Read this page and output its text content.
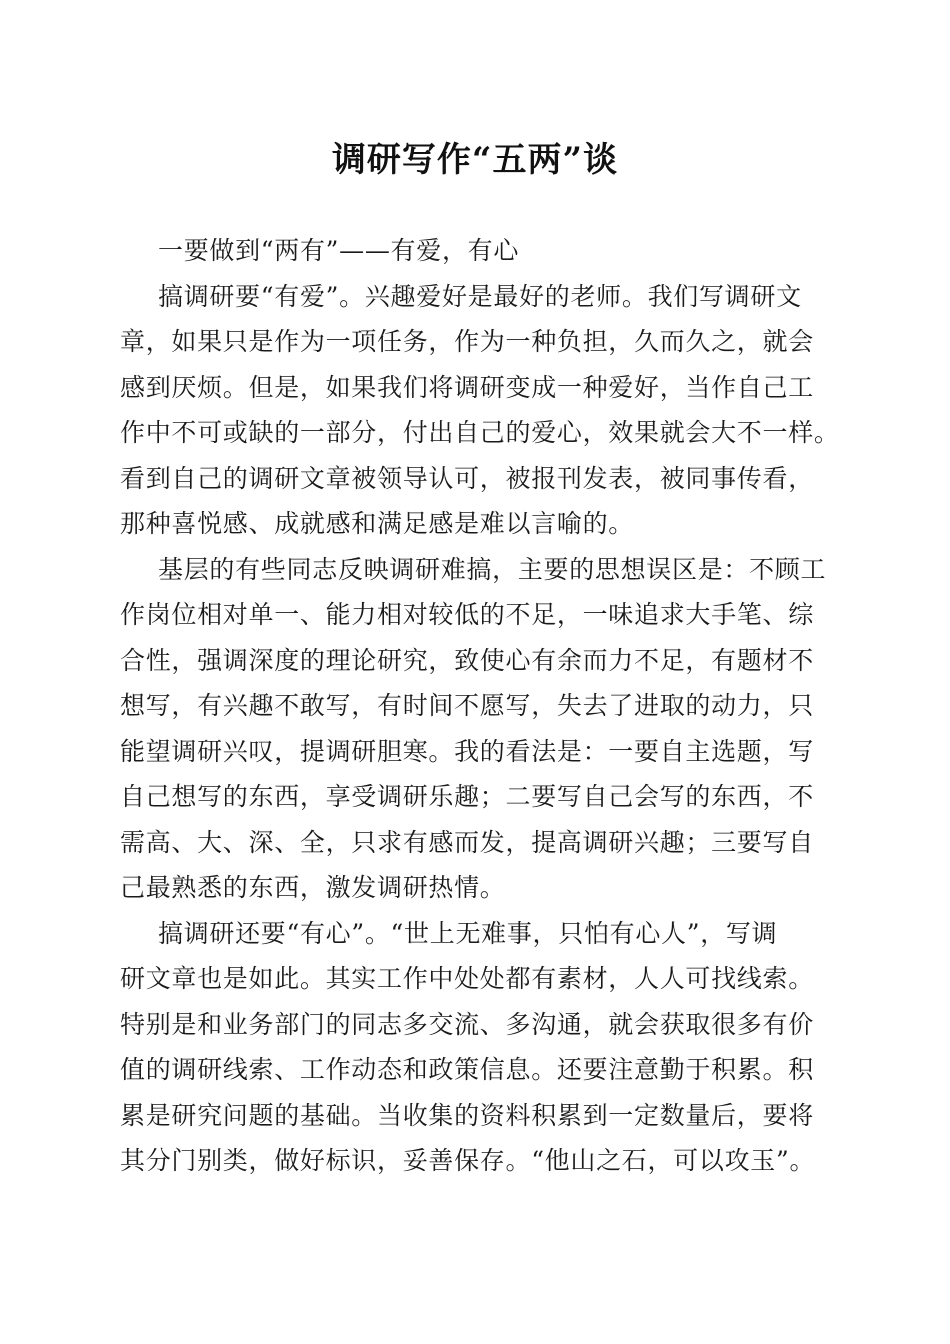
调研写作“五两”谈

一要做到“两有”——有爱，有心

搞调研要“有爱”。兴趣爱好是最好的老师。我们写调研文

章，如果只是作为一项任务，作为一种负担，久而久之，就会

感到厌烦。但是，如果我们将调研变成一种爱好，当作自己工

作中不可或缺的一部分，付出自己的爱心，效果就会大不一样。

看到自己的调研文章被领导认可，被报刊发表，被同事传看，

那种喜悦感、成就感和满足感是难以言喻的。

基层的有些同志反映调研难搞，主要的思想误区是：不顾工

作岗位相对单一、能力相对较低的不足，一味追求大手笔、综

合性，强调深度的理论研究，致使心有余而力不足，有题材不

想写，有兴趣不敢写，有时间不愿写，失去了进取的动力，只

能望调研兴叹，提调研胆寒。我的看法是：一要自主选题，写

自己想写的东西，享受调研乐趣；二要写自己会写的东西，不

需高、大、深、全，只求有感而发，提高调研兴趣；三要写自

己最熟悉的东西，激发调研热情。

搞调研还要“有心”。“世上无难事，只怕有心人”，写调

研文章也是如此。其实工作中处处都有素材，人人可找线索。

特别是和业务部门的同志多交流、多沟通，就会获取很多有价

值的调研线索、工作动态和政策信息。还要注意勤于积累。积

累是研究问题的基础。当收集的资料积累到一定数量后，要将

其分门别类，做好标识，妥善保存。“他山之石，可以攻玉”。
